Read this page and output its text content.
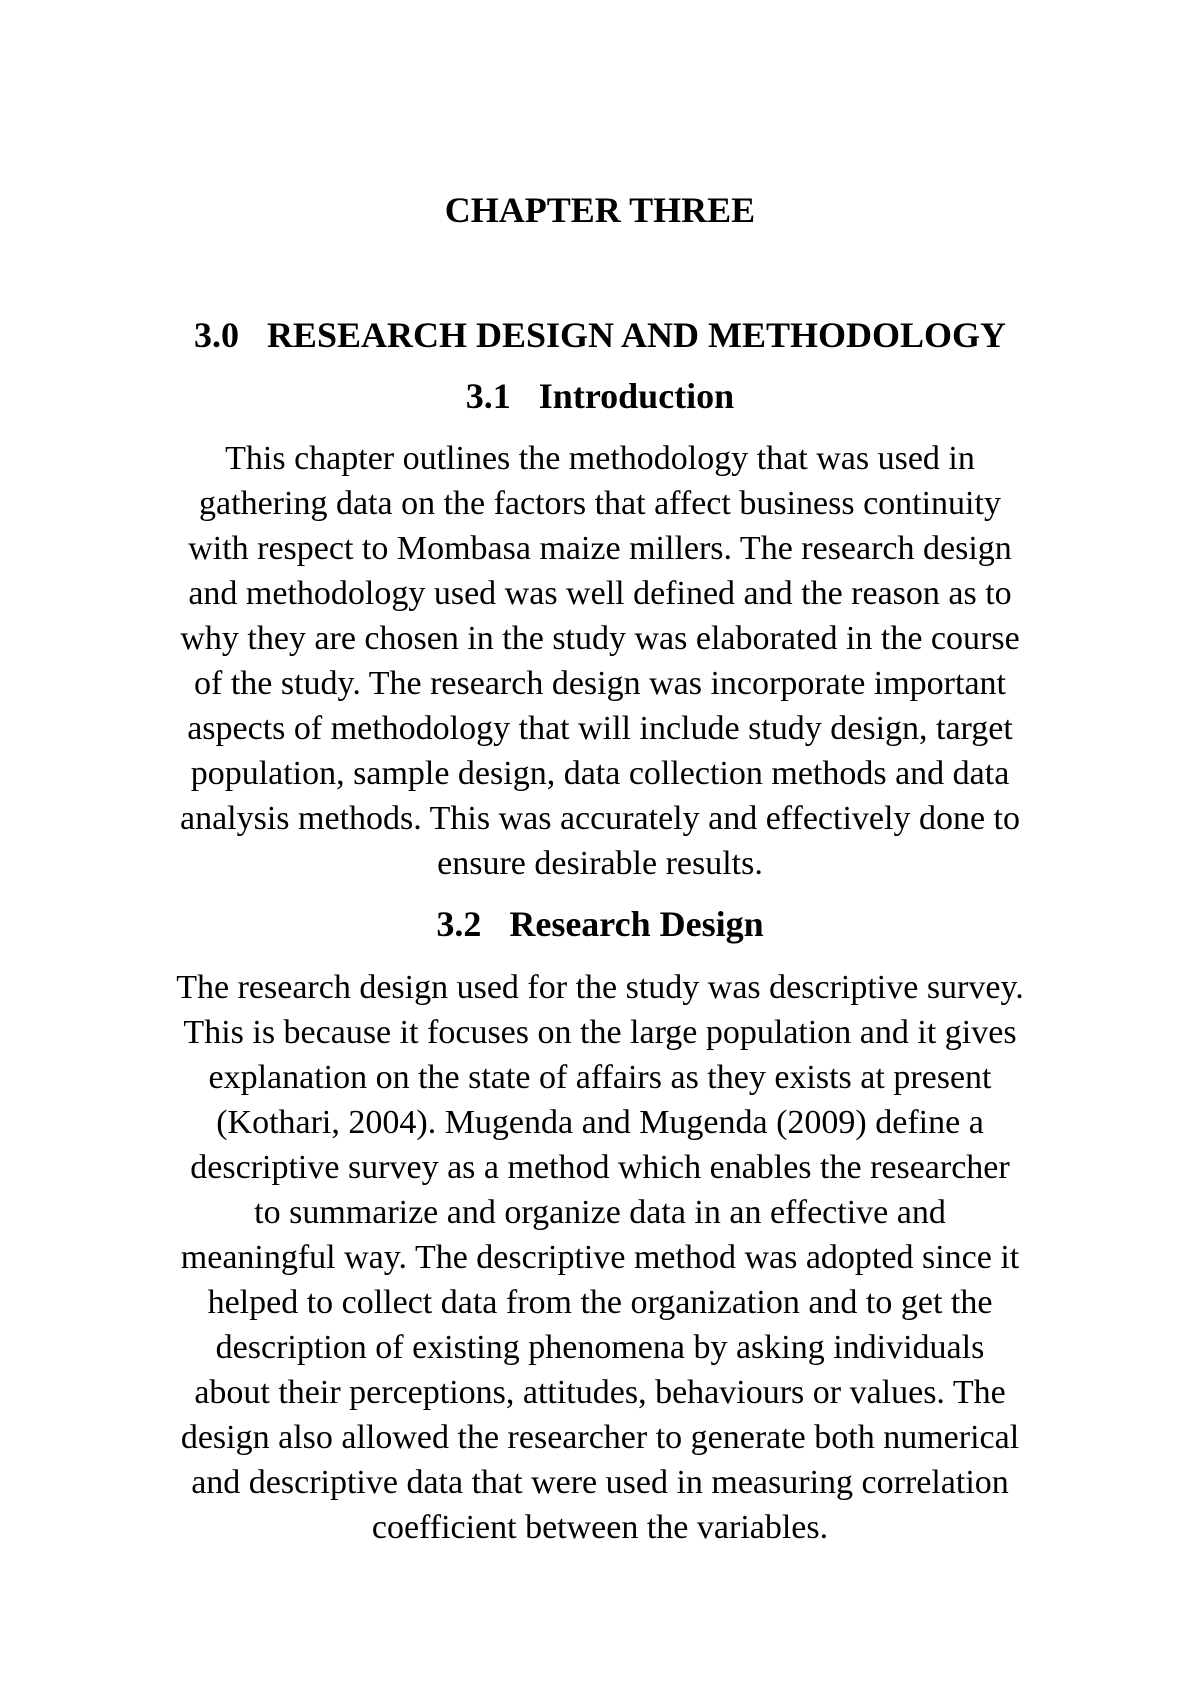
CHAPTER THREE
3.0 RESEARCH DESIGN AND METHODOLOGY
3.1 Introduction

This chapter outlines the methodology that was used in
gathering data on the factors that affect business continuity
with respect to Mombasa maize millers. The research design
and methodology used was well defined and the reason as to
why they are chosen in the study was elaborated in the course
of the study. The research design was incorporate important
aspects of methodology that will include study design, target
population, sample design, data collection methods and data
analysis methods. This was accurately and effectively done to
ensure desirable results.

3.2 Research Design

The research design used for the study was descriptive survey.
This is because it focuses on the large population and it gives
explanation on the state of affairs as they exists at present
(Kothari, 2004). Mugenda and Mugenda (2009) define a
descriptive survey as a method which enables the researcher
to summarize and organize data in an effective and
meaningful way. The descriptive method was adopted since it
helped to collect data from the organization and to get the
description of existing phenomena by asking individuals
about their perceptions, attitudes, behaviours or values. The
design also allowed the researcher to generate both numerical
and descriptive data that were used in measuring correlation
coefficient between the variables.
